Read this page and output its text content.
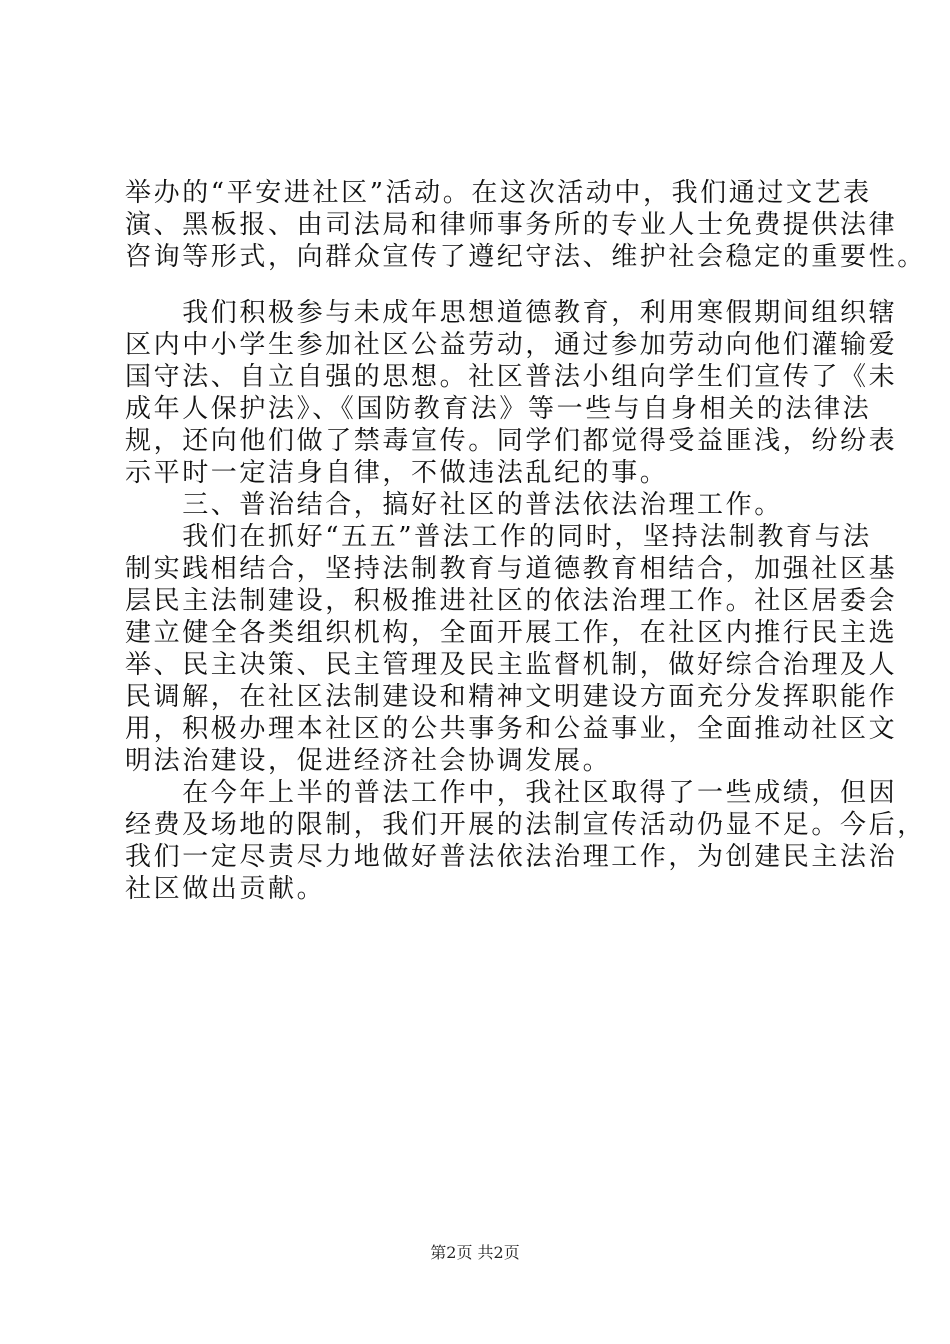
举办的“平安进社区”活动。在这次活动中，我们通过文艺表
演、黑板报、由司法局和律师事务所的专业人士免费提供法律
咨询等形式，向群众宣传了遵纪守法、维护社会稳定的重要性。
　　我们积极参与未成年思想道德教育，利用寒假期间组织辖
区内中小学生参加社区公益劳动，通过参加劳动向他们灌输爱
国守法、自立自强的思想。社区普法小组向学生们宣传了《未
成年人保护法》、《国防教育法》等一些与自身相关的法律法
规，还向他们做了禁毒宣传。同学们都觉得受益匪浅，纷纷表
示平时一定洁身自律，不做违法乱纪的事。
　　三、普治结合，搞好社区的普法依法治理工作。
　　我们在抓好“五五”普法工作的同时，坚持法制教育与法
制实践相结合，坚持法制教育与道德教育相结合，加强社区基
层民主法制建设，积极推进社区的依法治理工作。社区居委会
建立健全各类组织机构，全面开展工作，在社区内推行民主选
举、民主决策、民主管理及民主监督机制，做好综合治理及人
民调解，在社区法制建设和精神文明建设方面充分发挥职能作
用，积极办理本社区的公共事务和公益事业，全面推动社区文
明法治建设，促进经济社会协调发展。
　　在今年上半的普法工作中，我社区取得了一些成绩，但因
经费及场地的限制，我们开展的法制宣传活动仍显不足。今后，
我们一定尽责尽力地做好普法依法治理工作，为创建民主法治
社区做出贡献。
第2页 共2页
